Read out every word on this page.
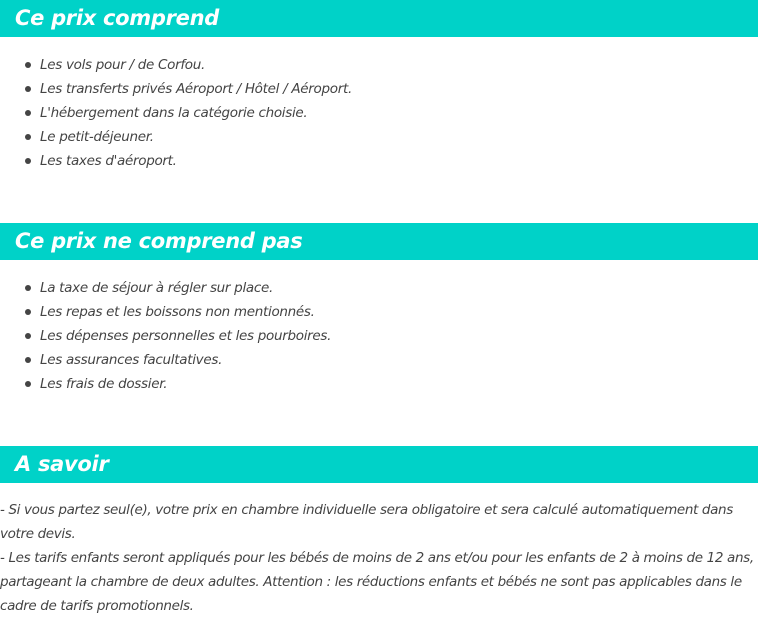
Ce prix comprend
Les vols pour / de Corfou.
Les transferts privés Aéroport / Hôtel / Aéroport.
L'hébergement dans la catégorie choisie.
Le petit-déjeuner.
Les taxes d'aéroport.
Ce prix ne comprend pas
La taxe de séjour à régler sur place.
Les repas et les boissons non mentionnés.
Les dépenses personnelles et les pourboires.
Les assurances facultatives.
Les frais de dossier.
A savoir

- Si vous partez seul(e), votre prix en chambre individuelle sera obligatoire et sera calculé automatiquement dans votre devis.

- Les tarifs enfants seront appliqués pour les bébés de moins de 2 ans et/ou pour les enfants de 2 à moins de 12 ans, partageant la chambre de deux adultes. Attention : les réductions enfants et bébés ne sont pas applicables dans le cadre de tarifs promotionnels.
